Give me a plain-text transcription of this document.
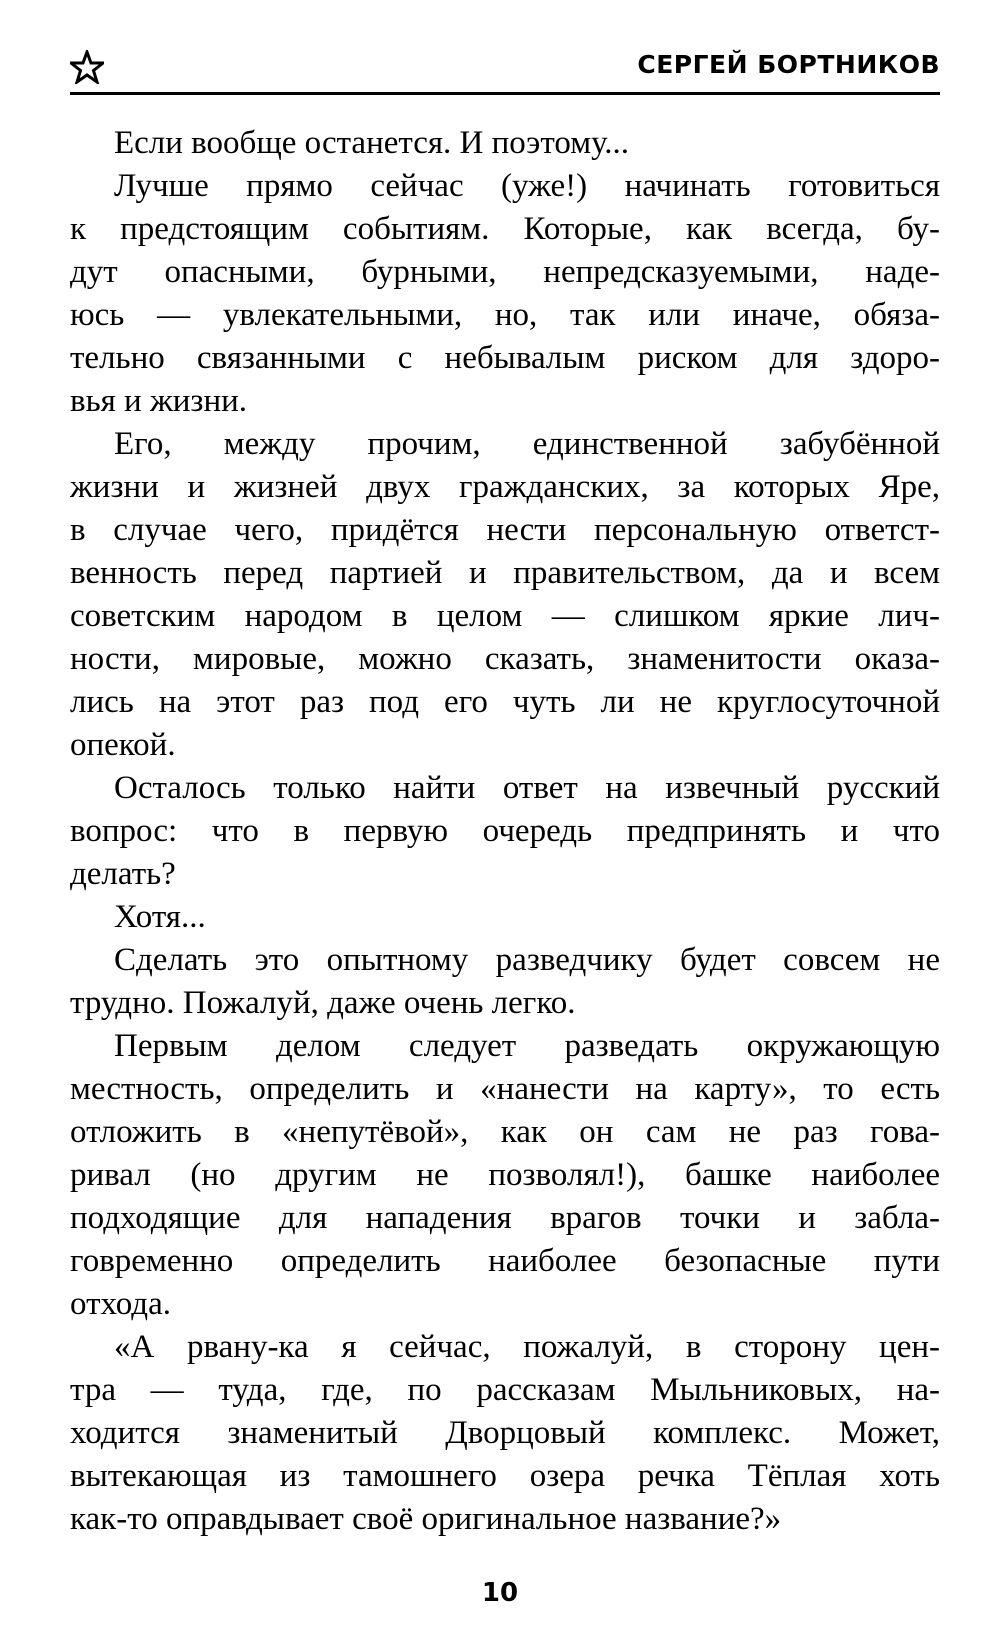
СЕРГЕЙ БОРТНИКОВ
Если вообще останется. И поэтому...
Лучше прямо сейчас (уже!) начинать готовиться
к предстоящим событиям. Которые, как всегда, бу-
дут опасными, бурными, непредсказуемыми, наде-
юсь — увлекательными, но, так или иначе, обяза-
тельно связанными с небывалым риском для здоро-
вья и жизни.
Его, между прочим, единственной забубённой
жизни и жизней двух гражданских, за которых Яре,
в случае чего, придётся нести персональную ответст-
венность перед партией и правительством, да и всем
советским народом в целом — слишком яркие лич-
ности, мировые, можно сказать, знаменитости оказа-
лись на этот раз под его чуть ли не круглосуточной
опекой.
Осталось только найти ответ на извечный русский
вопрос: что в первую очередь предпринять и что
делать?
Хотя...
Сделать это опытному разведчику будет совсем не
трудно. Пожалуй, даже очень легко.
Первым делом следует разведать окружающую
местность, определить и «нанести на карту», то есть
отложить в «непутёвой», как он сам не раз гова-
ривал (но другим не позволял!), башке наиболее
подходящие для нападения врагов точки и забла-
говременно определить наиболее безопасные пути
отхода.
«А рвану-ка я сейчас, пожалуй, в сторону цен-
тра — туда, где, по рассказам Мыльниковых, на-
ходится знаменитый Дворцовый комплекс. Может,
вытекающая из тамошнего озера речка Тёплая хоть
как-то оправдывает своё оригинальное название?»
10
